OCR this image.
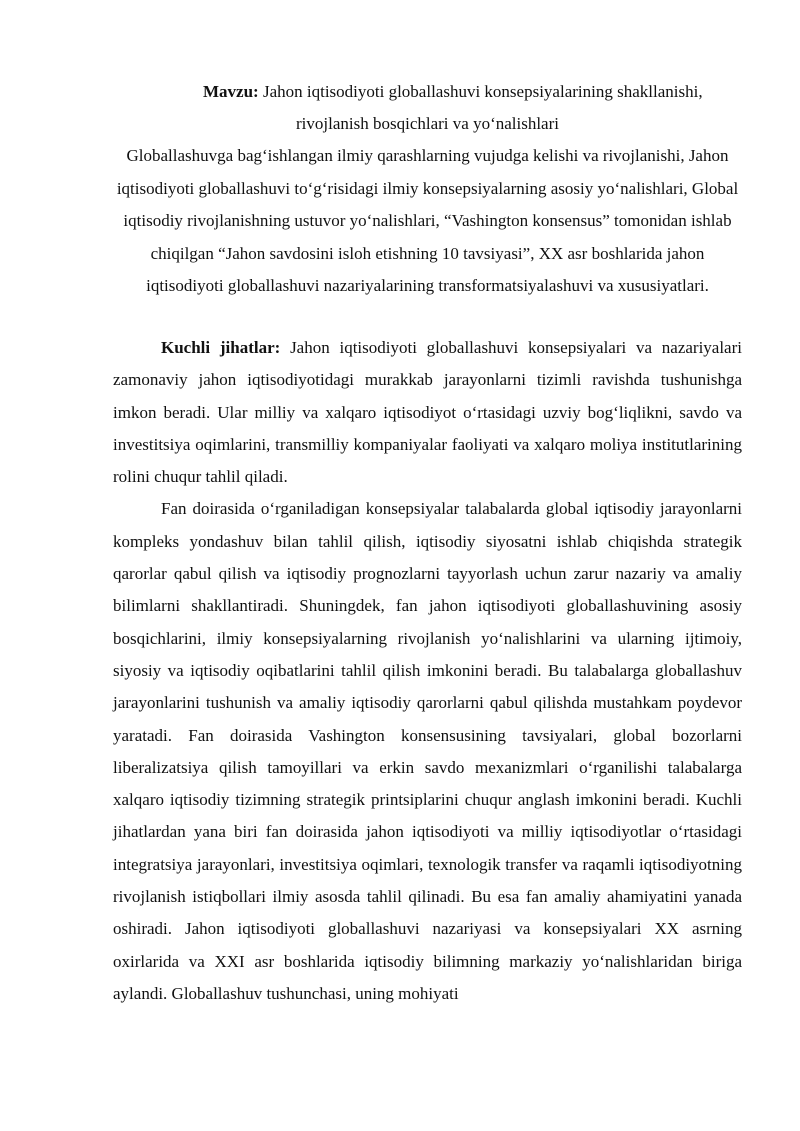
Mavzu: Jahon iqtisodiyoti globallashuvi konsepsiyalarining shakllanishi,
rivojlanish bosqichlari va yo‘nalishlari
Globallashuvga bag‘ishlangan ilmiy qarashlarning vujudga kelishi va rivojlanishi, Jahon iqtisodiyoti globallashuvi to‘g‘risidagi ilmiy konsepsiyalarning asosiy yo‘nalishlari, Global iqtisodiy rivojlanishning ustuvor yo‘nalishlari, “Vashington konsensus” tomonidan ishlab chiqilgan “Jahon savdosini isloh etishning 10 tavsiyasi”, XX asr boshlarida jahon iqtisodiyoti globallashuvi nazariyalarining transformatsiyalashuvi va xususiyatlari.

Kuchli jihatlar: Jahon iqtisodiyoti globallashuvi konsepsiyalari va nazariyalari zamonaviy jahon iqtisodiyotidagi murakkab jarayonlarni tizimli ravishda tushunishga imkon beradi. Ular milliy va xalqaro iqtisodiyot o‘rtasidagi uzviy bog‘liqlikni, savdo va investitsiya oqimlarini, transmilliy kompaniyalar faoliyati va xalqaro moliya institutlarining rolini chuqur tahlil qiladi.

Fan doirasida o‘rganiladigan konsepsiyalar talabalarda global iqtisodiy jarayonlarni kompleks yondashuv bilan tahlil qilish, iqtisodiy siyosatni ishlab chiqishda strategik qarorlar qabul qilish va iqtisodiy prognozlarni tayyorlash uchun zarur nazariy va amaliy bilimlarni shakllantiradi. Shuningdek, fan jahon iqtisodiyoti globallashuvining asosiy bosqichlarini, ilmiy konsepsiyalarning rivojlanish yo‘nalishlarini va ularning ijtimoiy, siyosiy va iqtisodiy oqibatlarini tahlil qilish imkonini beradi. Bu talabalarga globallashuv jarayonlarini tushunish va amaliy iqtisodiy qarorlarni qabul qilishda mustahkam poydevor yaratadi. Fan doirasida Vashington konsensusining tavsiyalari, global bozorlarni liberalizatsiya qilish tamoyillari va erkin savdo mexanizmlari o‘rganilishi talabalarga xalqaro iqtisodiy tizimning strategik printsiplarini chuqur anglash imkonini beradi. Kuchli jihatlardan yana biri fan doirasida jahon iqtisodiyoti va milliy iqtisodiyotlar o‘rtasidagi integratsiya jarayonlari, investitsiya oqimlari, texnologik transfer va raqamli iqtisodiyotning rivojlanish istiqbollari ilmiy asosda tahlil qilinadi. Bu esa fan amaliy ahamiyatini yanada oshiradi. Jahon iqtisodiyoti globallashuvi nazariyasi va konsepsiyalari XX asrning oxirlarida va XXI asr boshlarida iqtisodiy bilimning markaziy yo‘nalishlaridan biriga aylandi. Globallashuv tushunchasi, uning mohiyati
